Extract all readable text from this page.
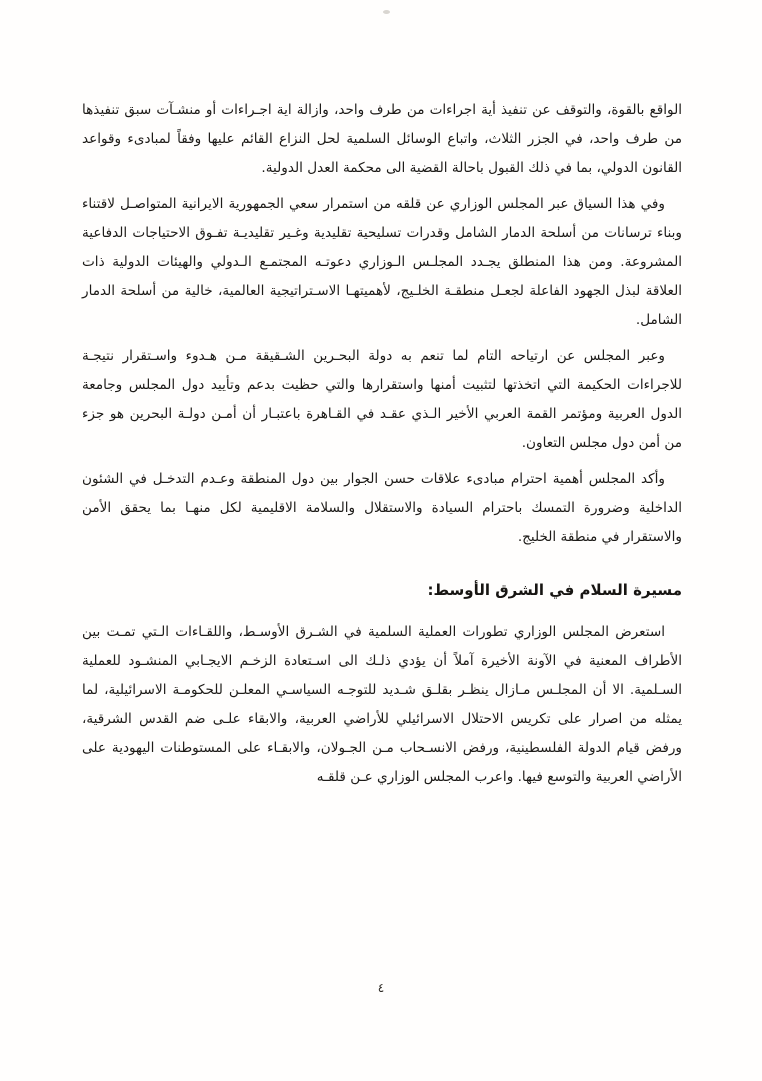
الواقع بالقوة، والتوقف عن تنفيذ أية اجراءات من طرف واحد، وازالة اية اجـراءات أو منشـآت سبق تنفيذها من طرف واحد، في الجزر الثلاث، واتباع الوسائل السلمية لحل النزاع القائم عليها وفقاً لمبادىء وقواعد القانون الدولي، بما في ذلك القبول باحالة القضية الى محكمة العدل الدولية.

وفي هذا السياق عبر المجلس الوزاري عن قلقه من استمرار سعي الجمهورية الايرانية المتواصـل لاقتناء وبناء ترسانات من أسلحة الدمار الشامل وقدرات تسليحية تقليدية وغـير تقليديـة تفـوق الاحتياجات الدفاعية المشروعة. ومن هذا المنطلق يجـدد المجلـس الـوزاري دعوتـه المجتمـع الـدولي والهيئات الدولية ذات العلاقة لبذل الجهود الفاعلة لجعـل منطقـة الخلـيج، لأهميتهـا الاسـتراتيجية العالمية، خالية من أسلحة الدمار الشامل.

وعبر المجلس عن ارتياحه التام لما تنعم به دولة البحـرين الشـقيقة مـن هـدوء واسـتقرار نتيجـة للاجراءات الحكيمة التي اتخذتها لتثبيت أمنها واستقرارها والتي حظيت بدعم وتأييد دول المجلس وجامعة الدول العربية ومؤتمر القمة العربي الأخير الـذي عقـد في القـاهرة باعتبـار أن أمـن دولـة البحرين هو جزء من أمن دول مجلس التعاون.

وأكد المجلس أهمية احترام مبادىء علاقات حسن الجوار بين دول المنطقة وعـدم التدخـل في الشئون الداخلية وضرورة التمسك باحترام السيادة والاستقلال والسلامة الاقليمية لكل منهـا بما يحقق الأمن والاستقرار في منطقة الخليج.

مسيرة السلام في الشرق الأوسط:

استعرض المجلس الوزاري تطورات العملية السلمية في الشـرق الأوسـط، واللقـاءات الـتي تمـت بين الأطراف المعنية في الآونة الأخيرة آملاً أن يؤدي ذلـك الى اسـتعادة الزخـم الايجـابي المنشـود للعملية السـلمية. الا أن المجلـس مـازال ينظـر بقلـق شـديد للتوجـه السياسـي المعلـن للحكومـة الاسرائيلية، لما يمثله من اصرار على تكريس الاحتلال الاسرائيلي للأراضي العربية، والابقاء علـى ضم القدس الشرقية، ورفض قيام الدولة الفلسطينية، ورفض الانسـحاب مـن الجـولان، والابقـاء على المستوطنات اليهودية على الأراضي العربية والتوسع فيها. واعرب المجلس الوزاري عـن قلقـه

٤
